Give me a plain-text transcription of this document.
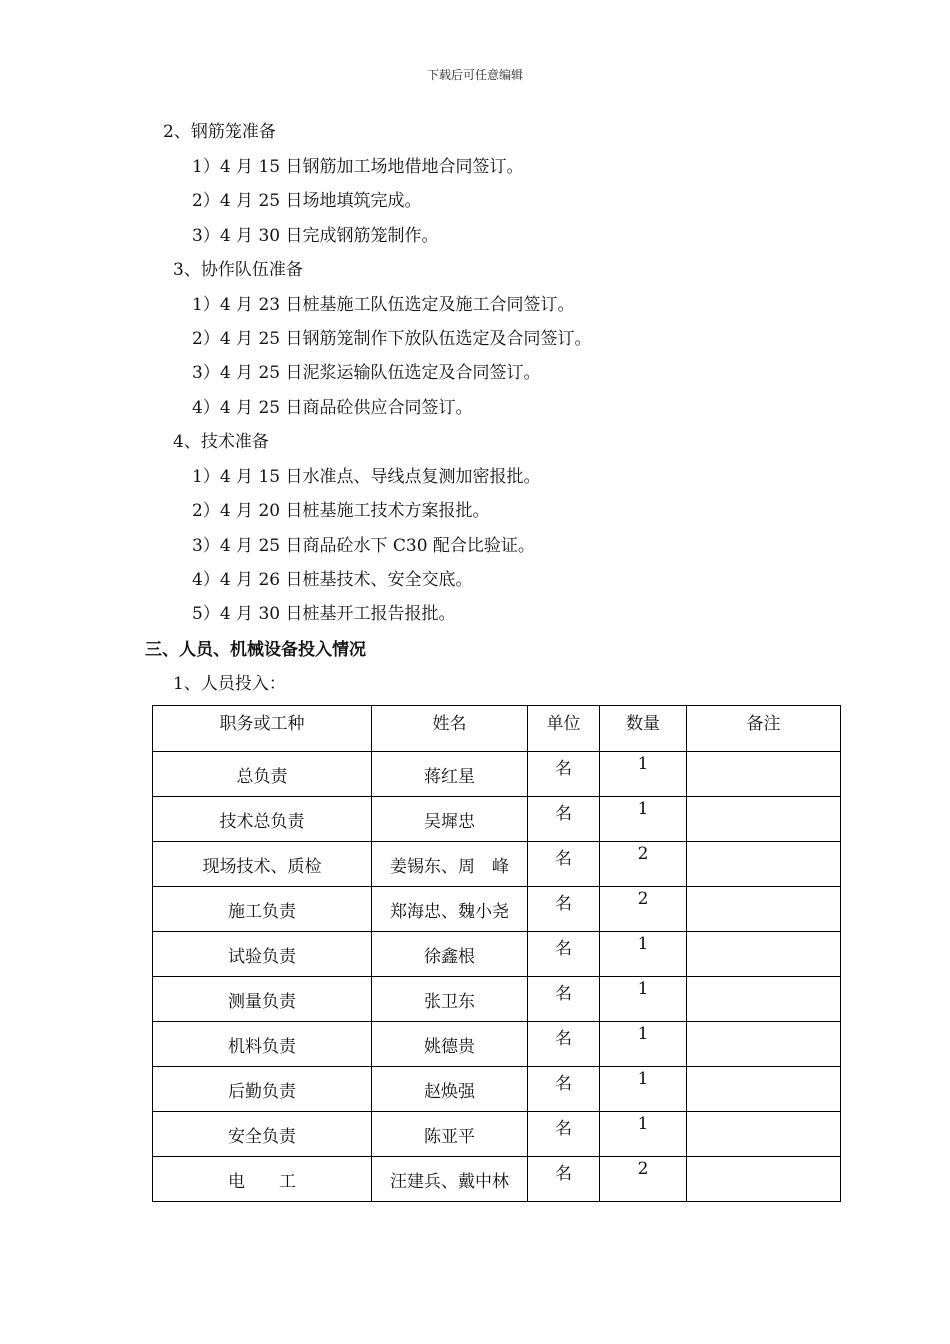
下载后可任意编辑
2、钢筋笼准备
1）4 月 15 日钢筋加工场地借地合同签订。
2）4 月 25 日场地填筑完成。
3）4 月 30 日完成钢筋笼制作。
3、协作队伍准备
1）4 月 23 日桩基施工队伍选定及施工合同签订。
2）4 月 25 日钢筋笼制作下放队伍选定及合同签订。
3）4 月 25 日泥浆运输队伍选定及合同签订。
4）4 月 25 日商品砼供应合同签订。
4、技术准备
1）4 月 15 日水准点、导线点复测加密报批。
2）4 月 20 日桩基施工技术方案报批。
3）4 月 25 日商品砼水下 C30 配合比验证。
4）4 月 26 日桩基技术、安全交底。
5）4 月 30 日桩基开工报告报批。
三、人员、机械设备投入情况
1、人员投入：
职务或工种	姓名	单位	数量	备注
总负责	蒋红星	名	1	
技术总负责	吴墀忠	名	1	
现场技术、质检	姜锡东、周　峰	名	2	
施工负责	郑海忠、魏小尧	名	2	
试验负责	徐鑫根	名	1	
测量负责	张卫东	名	1	
机料负责	姚德贵	名	1	
后勤负责	赵焕强	名	1	
安全负责	陈亚平	名	1	
电　　工	汪建兵、戴中林	名	2	
